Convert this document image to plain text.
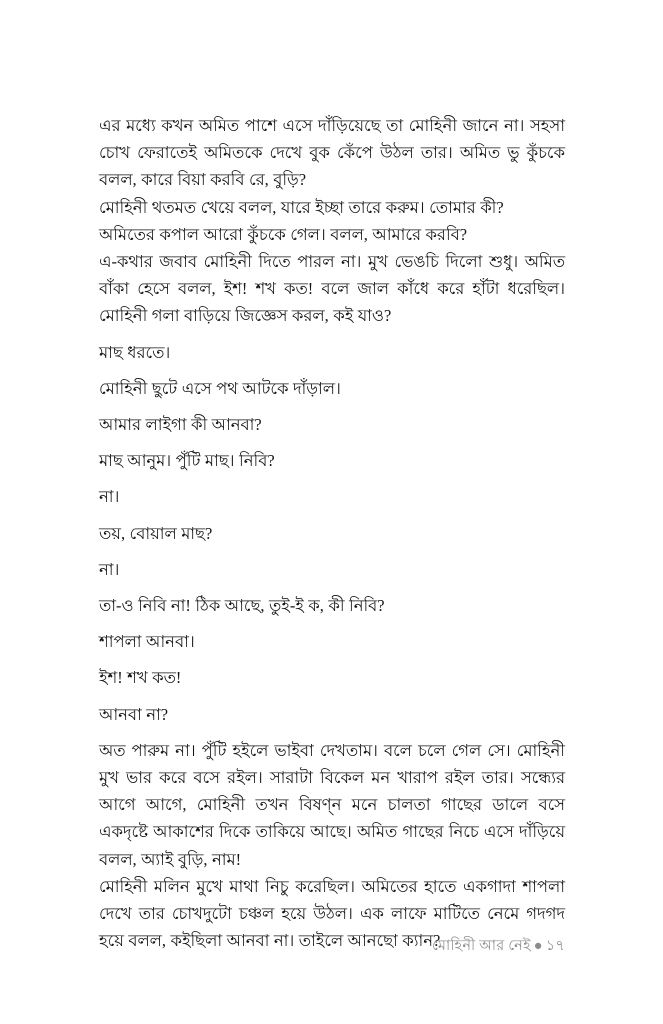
এর মধ্যে কখন অমিত পাশে এসে দাঁড়িয়েছে তা মোহিনী জানে না। সহসা চোখ ফেরাতেই অমিতকে দেখে বুক কেঁপে উঠল তার। অমিত ভু কুঁচকে বলল, কারে বিয়া করবি রে, বুড়ি?

মোহিনী থতমত খেয়ে বলল, যারে ইচ্ছা তারে করুম। তোমার কী?

অমিতের কপাল আরো কুঁচকে গেল। বলল, আমারে করবি?

এ-কথার জবাব মোহিনী দিতে পারল না। মুখ ভেঙচি দিলো শুধু। অমিত বাঁকা হেসে বলল, ইশ! শখ কত! বলে জাল কাঁধে করে হাঁটা ধরেছিল। মোহিনী গলা বাড়িয়ে জিজ্ঞেস করল, কই যাও?

মাছ ধরতে।

মোহিনী ছুটে এসে পথ আটকে দাঁড়াল।

আমার লাইগা কী আনবা?

মাছ আনুম। পুঁটি মাছ। নিবি?

না।

তয়, বোয়াল মাছ?

না।

তা-ও নিবি না! ঠিক আছে, তুই-ই ক, কী নিবি?

শাপলা আনবা।

ইশ! শখ কত!

আনবা না?

অত পারুম না। পুঁটি হইলে ভাইবা দেখতাম। বলে চলে গেল সে। মোহিনী মুখ ভার করে বসে রইল। সারাটা বিকেল মন খারাপ রইল তার। সন্ধ্যের আগে আগে, মোহিনী তখন বিষণ্ন মনে চালতা গাছের ডালে বসে একদৃষ্টে আকাশের দিকে তাকিয়ে আছে। অমিত গাছের নিচে এসে দাঁড়িয়ে বলল, অ্যাই বুড়ি, নাম!

মোহিনী মলিন মুখে মাথা নিচু করেছিল। অমিতের হাতে একগাদা শাপলা দেখে তার চোখদুটো চঞ্চল হয়ে উঠল। এক লাফে মাটিতে নেমে গদগদ হয়ে বলল, কইছিলা আনবা না। তাইলে আনছো ক্যান?

মোহিনী আর নেই ● ১৭
